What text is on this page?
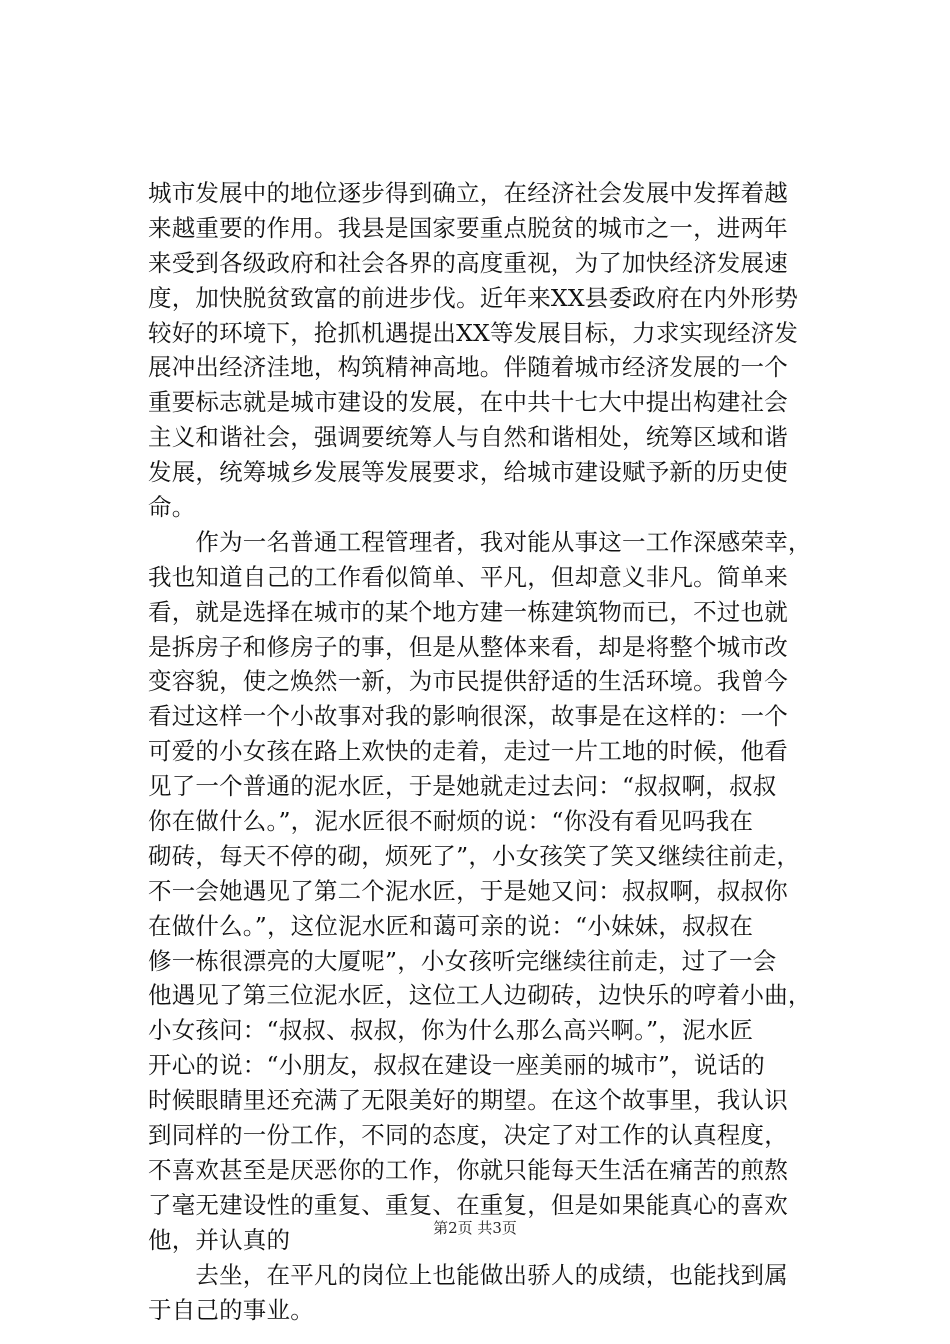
城市发展中的地位逐步得到确立，在经济社会发展中发挥着越
来越重要的作用。我县是国家要重点脱贫的城市之一，进两年
来受到各级政府和社会各界的高度重视，为了加快经济发展速
度，加快脱贫致富的前进步伐。近年来XX县委政府在内外形势
较好的环境下，抢抓机遇提出XX等发展目标，力求实现经济发
展冲出经济洼地，构筑精神高地。伴随着城市经济发展的一个
重要标志就是城市建设的发展，在中共十七大中提出构建社会
主义和谐社会，强调要统筹人与自然和谐相处，统筹区域和谐
发展，统筹城乡发展等发展要求，给城市建设赋予新的历史使
命。
　　作为一名普通工程管理者，我对能从事这一工作深感荣幸，
我也知道自己的工作看似简单、平凡，但却意义非凡。简单来
看，就是选择在城市的某个地方建一栋建筑物而已，不过也就
是拆房子和修房子的事，但是从整体来看，却是将整个城市改
变容貌，使之焕然一新，为市民提供舒适的生活环境。我曾今
看过这样一个小故事对我的影响很深，故事是在这样的：一个
可爱的小女孩在路上欢快的走着，走过一片工地的时候，他看
见了一个普通的泥水匠，于是她就走过去问：“叔叔啊，叔叔
你在做什么。”，泥水匠很不耐烦的说：“你没有看见吗我在
砌砖，每天不停的砌，烦死了”，小女孩笑了笑又继续往前走，
不一会她遇见了第二个泥水匠，于是她又问：叔叔啊，叔叔你
在做什么。”，这位泥水匠和蔼可亲的说：“小妹妹，叔叔在
修一栋很漂亮的大厦呢”，小女孩听完继续往前走，过了一会
他遇见了第三位泥水匠，这位工人边砌砖，边快乐的哼着小曲，
小女孩问：“叔叔、叔叔，你为什么那么高兴啊。”，泥水匠
开心的说：“小朋友，叔叔在建设一座美丽的城市”，说话的
时候眼睛里还充满了无限美好的期望。在这个故事里，我认识
到同样的一份工作，不同的态度，决定了对工作的认真程度，
不喜欢甚至是厌恶你的工作，你就只能每天生活在痛苦的煎熬
了毫无建设性的重复、重复、在重复，但是如果能真心的喜欢
他，并认真的
　　去坐，在平凡的岗位上也能做出骄人的成绩，也能找到属
于自己的事业。
第2页 共3页
